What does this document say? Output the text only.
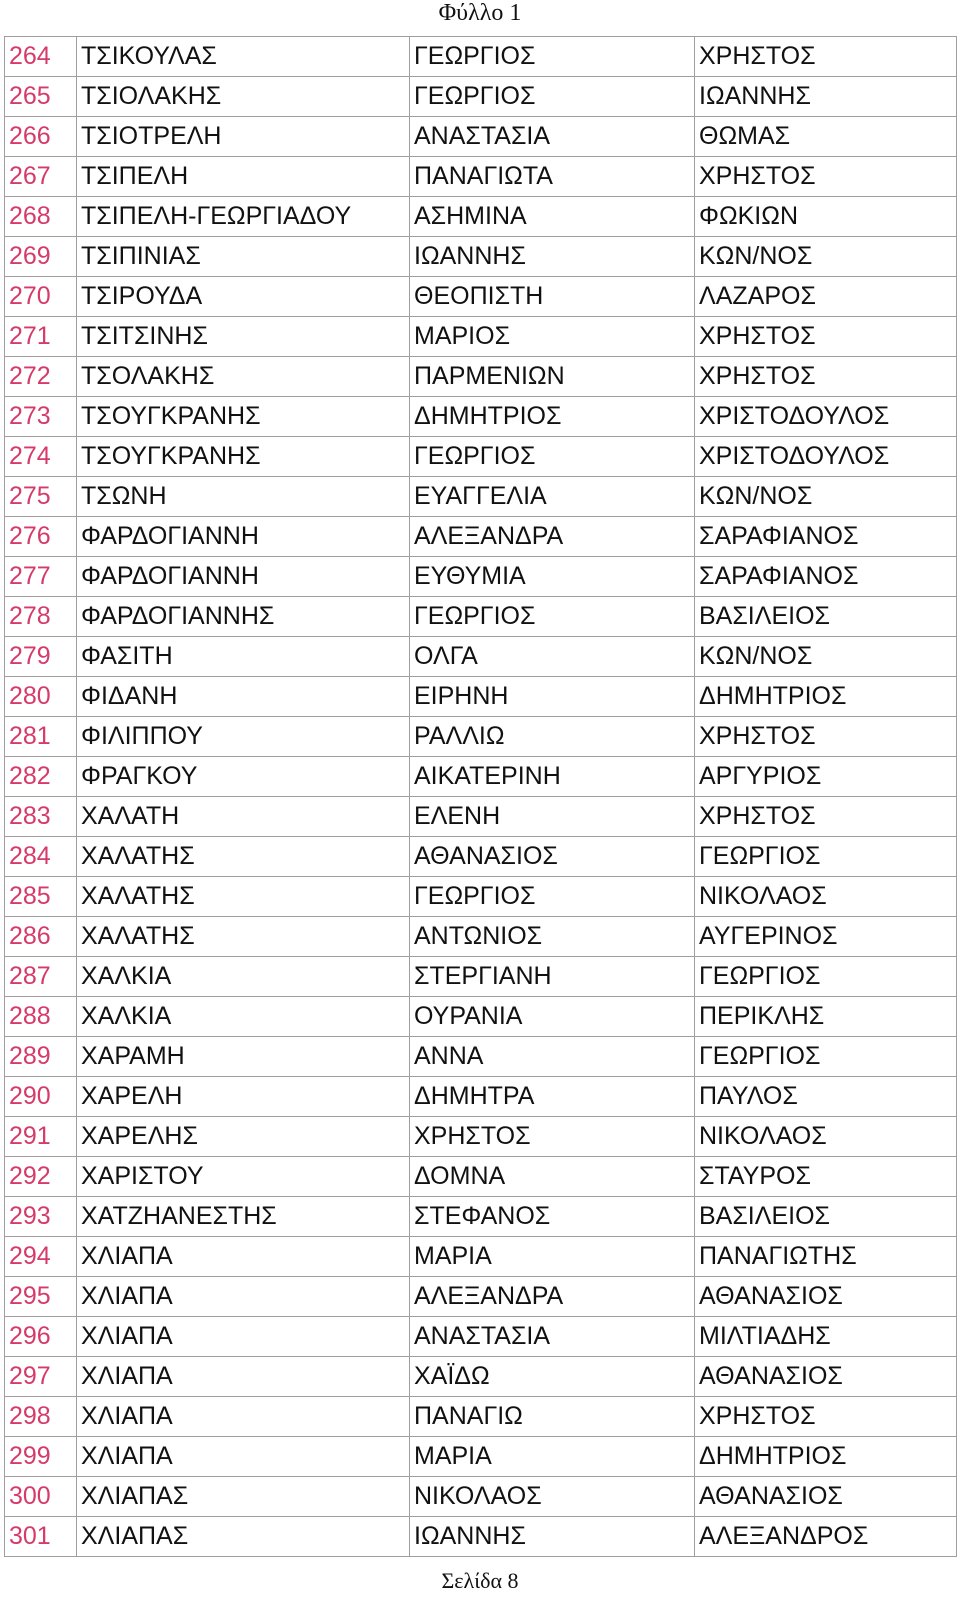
Φύλλο 1
264	ΤΣΙΚΟΥΛΑΣ	ΓΕΩΡΓΙΟΣ	ΧΡΗΣΤΟΣ
265	ΤΣΙΟΛΑΚΗΣ	ΓΕΩΡΓΙΟΣ	ΙΩΑΝΝΗΣ
266	ΤΣΙΟΤΡΕΛΗ	ΑΝΑΣΤΑΣΙΑ	ΘΩΜΑΣ
267	ΤΣΙΠΕΛΗ	ΠΑΝΑΓΙΩΤΑ	ΧΡΗΣΤΟΣ
268	ΤΣΙΠΕΛΗ-ΓΕΩΡΓΙΑΔΟΥ	ΑΣΗΜΙΝΑ	ΦΩΚΙΩΝ
269	ΤΣΙΠΙΝΙΑΣ	ΙΩΑΝΝΗΣ	ΚΩΝ/ΝΟΣ
270	ΤΣΙΡΟΥΔΑ	ΘΕΟΠΙΣΤΗ	ΛΑΖΑΡΟΣ
271	ΤΣΙΤΣΙΝΗΣ	ΜΑΡΙΟΣ	ΧΡΗΣΤΟΣ
272	ΤΣΟΛΑΚΗΣ	ΠΑΡΜΕΝΙΩΝ	ΧΡΗΣΤΟΣ
273	ΤΣΟΥΓΚΡΑΝΗΣ	ΔΗΜΗΤΡΙΟΣ	ΧΡΙΣΤΟΔΟΥΛΟΣ
274	ΤΣΟΥΓΚΡΑΝΗΣ	ΓΕΩΡΓΙΟΣ	ΧΡΙΣΤΟΔΟΥΛΟΣ
275	ΤΣΩΝΗ	ΕΥΑΓΓΕΛΙΑ	ΚΩΝ/ΝΟΣ
276	ΦΑΡΔΟΓΙΑΝΝΗ	ΑΛΕΞΑΝΔΡΑ	ΣΑΡΑΦΙΑΝΟΣ
277	ΦΑΡΔΟΓΙΑΝΝΗ	ΕΥΘΥΜΙΑ	ΣΑΡΑΦΙΑΝΟΣ
278	ΦΑΡΔΟΓΙΑΝΝΗΣ	ΓΕΩΡΓΙΟΣ	ΒΑΣΙΛΕΙΟΣ
279	ΦΑΣΙΤΗ	ΟΛΓΑ	ΚΩΝ/ΝΟΣ
280	ΦΙΔΑΝΗ	ΕΙΡΗΝΗ	ΔΗΜΗΤΡΙΟΣ
281	ΦΙΛΙΠΠΟΥ	ΡΑΛΛΙΩ	ΧΡΗΣΤΟΣ
282	ΦΡΑΓΚΟΥ	ΑΙΚΑΤΕΡΙΝΗ	ΑΡΓΥΡΙΟΣ
283	ΧΑΛΑΤΗ	ΕΛΕΝΗ	ΧΡΗΣΤΟΣ
284	ΧΑΛΑΤΗΣ	ΑΘΑΝΑΣΙΟΣ	ΓΕΩΡΓΙΟΣ
285	ΧΑΛΑΤΗΣ	ΓΕΩΡΓΙΟΣ	ΝΙΚΟΛΑΟΣ
286	ΧΑΛΑΤΗΣ	ΑΝΤΩΝΙΟΣ	ΑΥΓΕΡΙΝΟΣ
287	ΧΑΛΚΙΑ	ΣΤΕΡΓΙΑΝΗ	ΓΕΩΡΓΙΟΣ
288	ΧΑΛΚΙΑ	ΟΥΡΑΝΙΑ	ΠΕΡΙΚΛΗΣ
289	ΧΑΡΑΜΗ	ΑΝΝΑ	ΓΕΩΡΓΙΟΣ
290	ΧΑΡΕΛΗ	ΔΗΜΗΤΡΑ	ΠΑΥΛΟΣ
291	ΧΑΡΕΛΗΣ	ΧΡΗΣΤΟΣ	ΝΙΚΟΛΑΟΣ
292	ΧΑΡΙΣΤΟΥ	ΔΟΜΝΑ	ΣΤΑΥΡΟΣ
293	ΧΑΤΖΗΑΝΕΣΤΗΣ	ΣΤΕΦΑΝΟΣ	ΒΑΣΙΛΕΙΟΣ
294	ΧΛΙΑΠΑ	ΜΑΡΙΑ	ΠΑΝΑΓΙΩΤΗΣ
295	ΧΛΙΑΠΑ	ΑΛΕΞΑΝΔΡΑ	ΑΘΑΝΑΣΙΟΣ
296	ΧΛΙΑΠΑ	ΑΝΑΣΤΑΣΙΑ	ΜΙΛΤΙΑΔΗΣ
297	ΧΛΙΑΠΑ	ΧΑΪΔΩ	ΑΘΑΝΑΣΙΟΣ
298	ΧΛΙΑΠΑ	ΠΑΝΑΓΙΩ	ΧΡΗΣΤΟΣ
299	ΧΛΙΑΠΑ	ΜΑΡΙΑ	ΔΗΜΗΤΡΙΟΣ
300	ΧΛΙΑΠΑΣ	ΝΙΚΟΛΑΟΣ	ΑΘΑΝΑΣΙΟΣ
301	ΧΛΙΑΠΑΣ	ΙΩΑΝΝΗΣ	ΑΛΕΞΑΝΔΡΟΣ
Σελίδα 8
